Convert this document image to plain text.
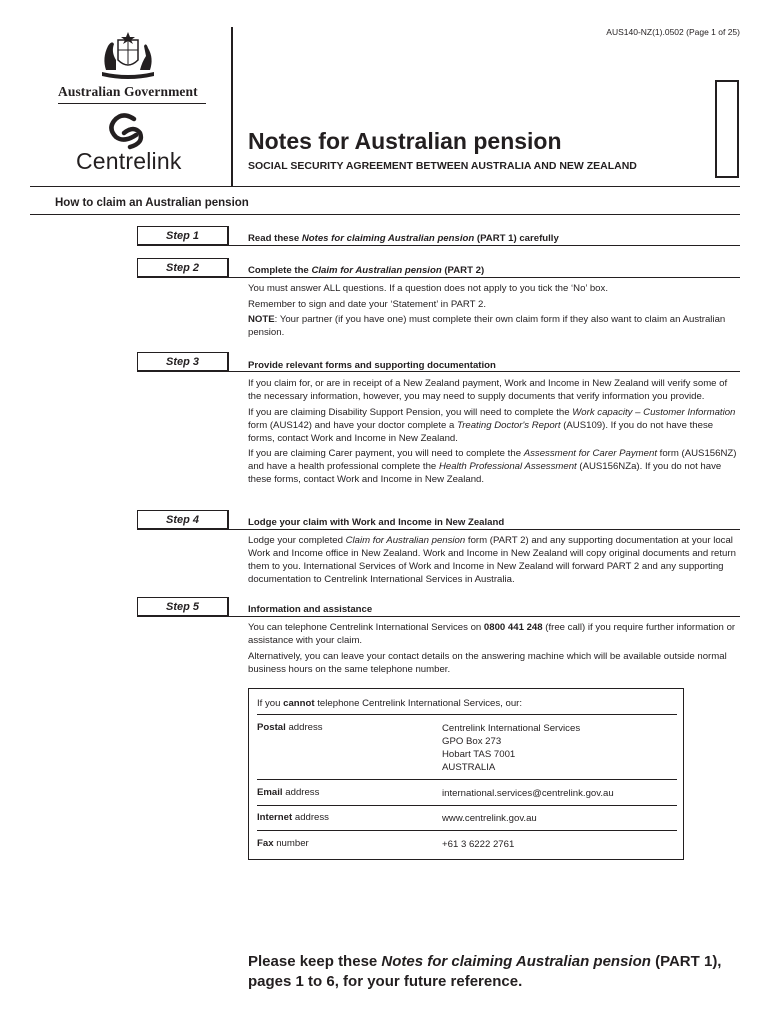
AUS140-NZ(1).0502 (Page 1 of 25)
Australian Government
Centrelink
Notes for Australian pension
SOCIAL SECURITY AGREEMENT BETWEEN AUSTRALIA AND NEW ZEALAND
How to claim an Australian pension
Step 1	Read these Notes for claiming Australian pension (PART 1) carefully

Step 2	Complete the Claim for Australian pension (PART 2)

You must answer ALL questions. If a question does not apply to you tick the ‘No’ box.

Remember to sign and date your ‘Statement’ in PART 2.

NOTE: Your partner (if you have one) must complete their own claim form if they also want to claim an Australian pension.

Step 3	Provide relevant forms and supporting documentation

If you claim for, or are in receipt of a New Zealand payment, Work and Income in New Zealand will verify some of the necessary information, however, you may need to supply documents that verify information you provide.

If you are claiming Disability Support Pension, you will need to complete the Work capacity – Customer Information form (AUS142) and have your doctor complete a Treating Doctor's Report (AUS109). If you do not have these forms, contact Work and Income in New Zealand.

If you are claiming Carer payment, you will need to complete the Assessment for Carer Payment form (AUS156NZ) and have a health professional complete the Health Professional Assessment (AUS156NZa). If you do not have these forms, contact Work and Income in New Zealand.

Step 4	Lodge your claim with Work and Income in New Zealand

Lodge your completed Claim for Australian pension form (PART 2) and any supporting documentation at your local Work and Income office in New Zealand. Work and Income in New Zealand will copy original documents and return them to you. International Services of Work and Income in New Zealand will forward PART 2 and any supporting documentation to Centrelink International Services in Australia.

Step 5	Information and assistance

You can telephone Centrelink International Services on 0800 441 248 (free call) if you require further information or assistance with your claim.

Alternatively, you can leave your contact details on the answering machine which will be available outside normal business hours on the same telephone number.

If you cannot telephone Centrelink International Services, our:
Postal address	Centrelink International Services
GPO Box 273
Hobart TAS 7001
AUSTRALIA
Email address	international.services@centrelink.gov.au
Internet address	www.centrelink.gov.au
Fax number	+61 3 6222 2761
Please keep these Notes for claiming Australian pension (PART 1), pages 1 to 6, for your future reference.
